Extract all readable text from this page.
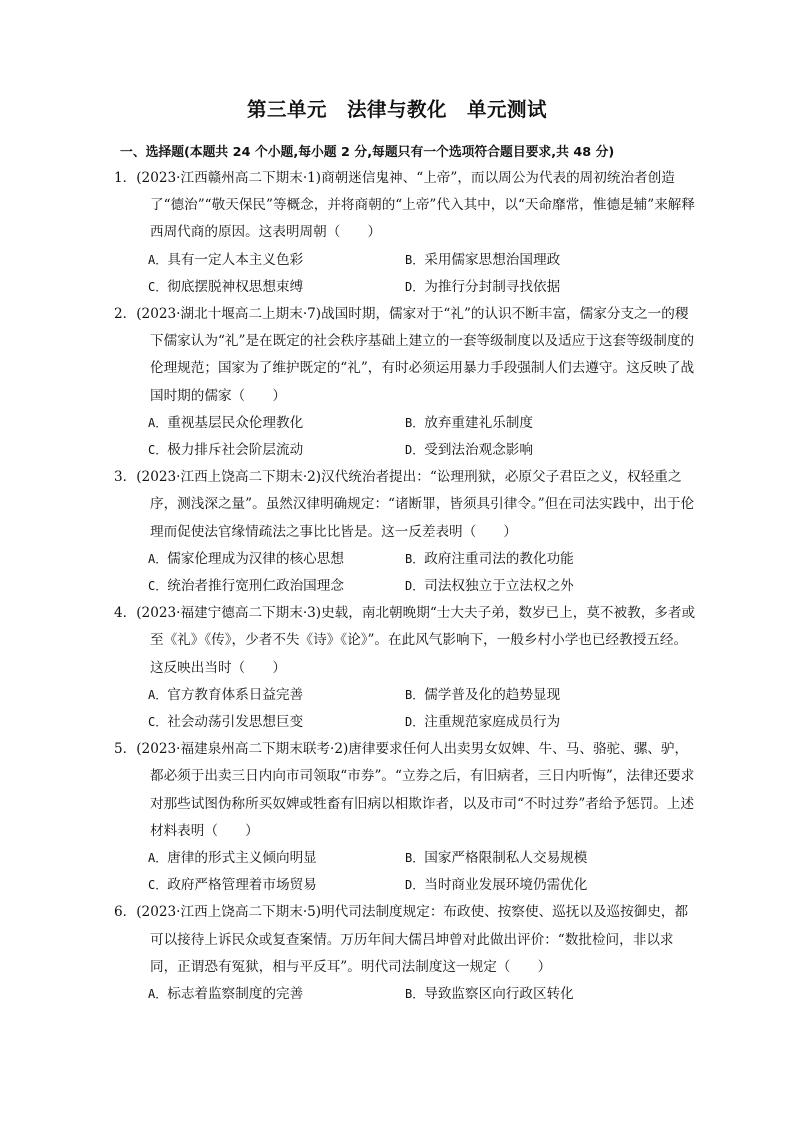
第三单元　法律与教化　单元测试
一、选择题(本题共 24 个小题,每小题 2 分,每题只有一个选项符合题目要求,共 48 分)

1．(2023·江西赣州高二下期末·1)商朝迷信鬼神、“上帝”，而以周公为代表的周初统治者创造了“德治”“敬天保民”等概念，并将商朝的“上帝”代入其中，以“天命靡常，惟德是辅”来解释西周代商的原因。这表明周朝（　　）

A．具有一定人本主义色彩	B．采用儒家思想治国理政
C．彻底摆脱神权思想束缚	D．为推行分封制寻找依据

2．(2023·湖北十堰高二上期末·7)战国时期，儒家对于“礼”的认识不断丰富，儒家分支之一的稷下儒家认为“礼”是在既定的社会秩序基础上建立的一套等级制度以及适应于这套等级制度的伦理规范；国家为了维护既定的“礼”，有时必须运用暴力手段强制人们去遵守。这反映了战国时期的儒家（　　）

A．重视基层民众伦理教化	B．放弃重建礼乐制度
C．极力排斥社会阶层流动	D．受到法治观念影响

3．(2023·江西上饶高二下期末·2)汉代统治者提出：“讼理刑狱，必原父子君臣之义，权轻重之序，测浅深之量”。虽然汉律明确规定：“诸断罪，皆须具引律令。”但在司法实践中，出于伦理而促使法官缘情疏法之事比比皆是。这一反差表明（　　）

A．儒家伦理成为汉律的核心思想	B．政府注重司法的教化功能
C．统治者推行宽刑仁政治国理念	D．司法权独立于立法权之外

4．(2023·福建宁德高二下期末·3)史载，南北朝晚期“士大夫子弟，数岁已上，莫不被教，多者或至《礼》《传》，少者不失《诗》《论》”。在此风气影响下，一般乡村小学也已经教授五经。这反映出当时（　　）

A．官方教育体系日益完善	B．儒学普及化的趋势显现
C．社会动荡引发思想巨变	D．注重规范家庭成员行为

5．(2023·福建泉州高二下期末联考·2)唐律要求任何人出卖男女奴婢、牛、马、骆驼、骡、驴，都必须于出卖三日内向市司领取“市券”。“立券之后，有旧病者，三日内听悔”，法律还要求对那些试图伪称所买奴婢或牲畜有旧病以相欺诈者，以及市司“不时过券”者给予惩罚。上述材料表明（　　）

A．唐律的形式主义倾向明显	B．国家严格限制私人交易规模
C．政府严格管理着市场贸易	D．当时商业发展环境仍需优化

6．(2023·江西上饶高二下期末·5)明代司法制度规定：布政使、按察使、巡抚以及巡按御史，都可以接待上诉民众或复查案情。万历年间大儒吕坤曾对此做出评价：“数批检问，非以求同，正谓恐有冤狱，相与平反耳”。明代司法制度这一规定（　　）

A．标志着监察制度的完善	B．导致监察区向行政区转化
